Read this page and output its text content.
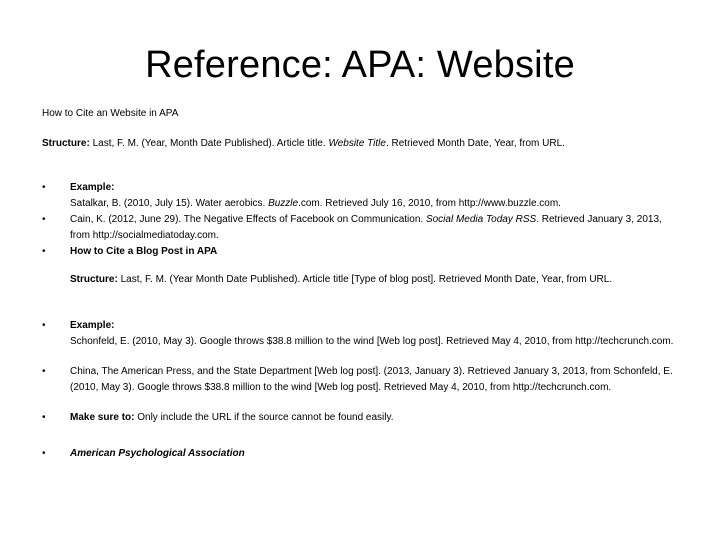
Reference: APA: Website
How to Cite an Website in APA
Structure: Last, F. M. (Year, Month Date Published). Article title. Website Title. Retrieved Month Date, Year, from URL.
•
•
•
Example:
Satalkar, B. (2010, July 15). Water aerobics. Buzzle.com. Retrieved July 16, 2010, from http://www.buzzle.com.
Cain, K. (2012, June 29). The Negative Effects of Facebook on Communication. Social Media Today RSS. Retrieved January 3, 2013, from http://socialmediatoday.com.
How to Cite a Blog Post in APA
Structure: Last, F. M. (Year Month Date Published). Article title [Type of blog post]. Retrieved Month Date, Year, from URL.
•
•
•
Example:
Schonfeld, E. (2010, May 3). Google throws $38.8 million to the wind [Web log post]. Retrieved May 4, 2010, from http://techcrunch.com.
China, The American Press, and the State Department [Web log post]. (2013, January 3). Retrieved January 3, 2013, from Schonfeld, E. (2010, May 3). Google throws $38.8 million to the wind [Web log post]. Retrieved May 4, 2010, from http://techcrunch.com.
Make sure to: Only include the URL if the source cannot be found easily.
•	American Psychological Association
